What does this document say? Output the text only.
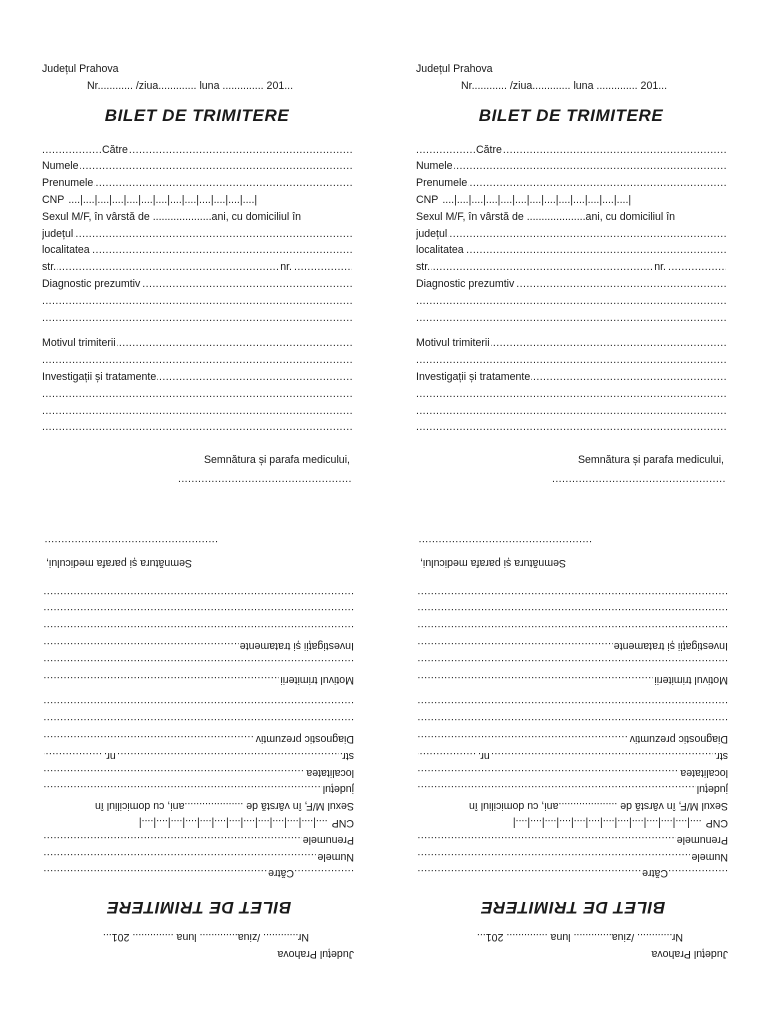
Județul Prahova
Nr............ /ziua............. luna .............. 201...
BILET DE TRIMITERE
Către .....
Numele .....
Prenumele .....
CNP ....|....|....|....|....|....|....|....|....|....|....|....|....|
Sexul M/F, în vârstă de ....................ani, cu domiciliul în
județul .....
localitatea .....
str. .....	nr.
.....
Diagnostic prezumtiv .....
.....
.....
Motivul trimiterii .....
.....
Investigații și tratamente .....
.....
.....
.....
Semnătura și parafa medicului,
.....
Județul Prahova
Nr............ /ziua............. luna .............. 201...
BILET DE TRIMITERE
Către .....
Numele .....
Prenumele .....
CNP ....|....|....|....|....|....|....|....|....|....|....|....|....|
Sexul M/F, în vârstă de ....................ani, cu domiciliul în
județul .....
localitatea .....
str. .....	nr.
.....
Diagnostic prezumtiv .....
.....
.....
Motivul trimiterii .....
.....
Investigații și tratamente .....
.....
.....
.....
Semnătura și parafa medicului,
.....
Județul Prahova
Nr............ /ziua............. luna .............. 201...
BILET DE TRIMITERE
Către .....
Numele .....
Prenumele .....
CNP ....|....|....|....|....|....|....|....|....|....|....|....|....|
Sexul M/F, în vârstă de ....................ani, cu domiciliul în
județul .....
localitatea .....
str. .....
nr.
.....
Diagnostic prezumtiv .....
.....
.....
Motivul trimiterii .....
.....
Investigații și tratamente .....
.....
.....
.....
Semnătura și parafa medicului,
.....
Județul Prahova
Nr............ /ziua............. luna .............. 201...
BILET DE TRIMITERE
Către .....
Numele .....
Prenumele .....
CNP ....|....|....|....|....|....|....|....|....|....|....|....|....|
Sexul M/F, în vârstă de ....................ani, cu domiciliul în
județul .....
localitatea .....
str. .....
nr.
.....
Diagnostic prezumtiv .....
.....
.....
Motivul trimiterii .....
.....
Investigații și tratamente .....
.....
.....
.....
Semnătura și parafa medicului,
.....
